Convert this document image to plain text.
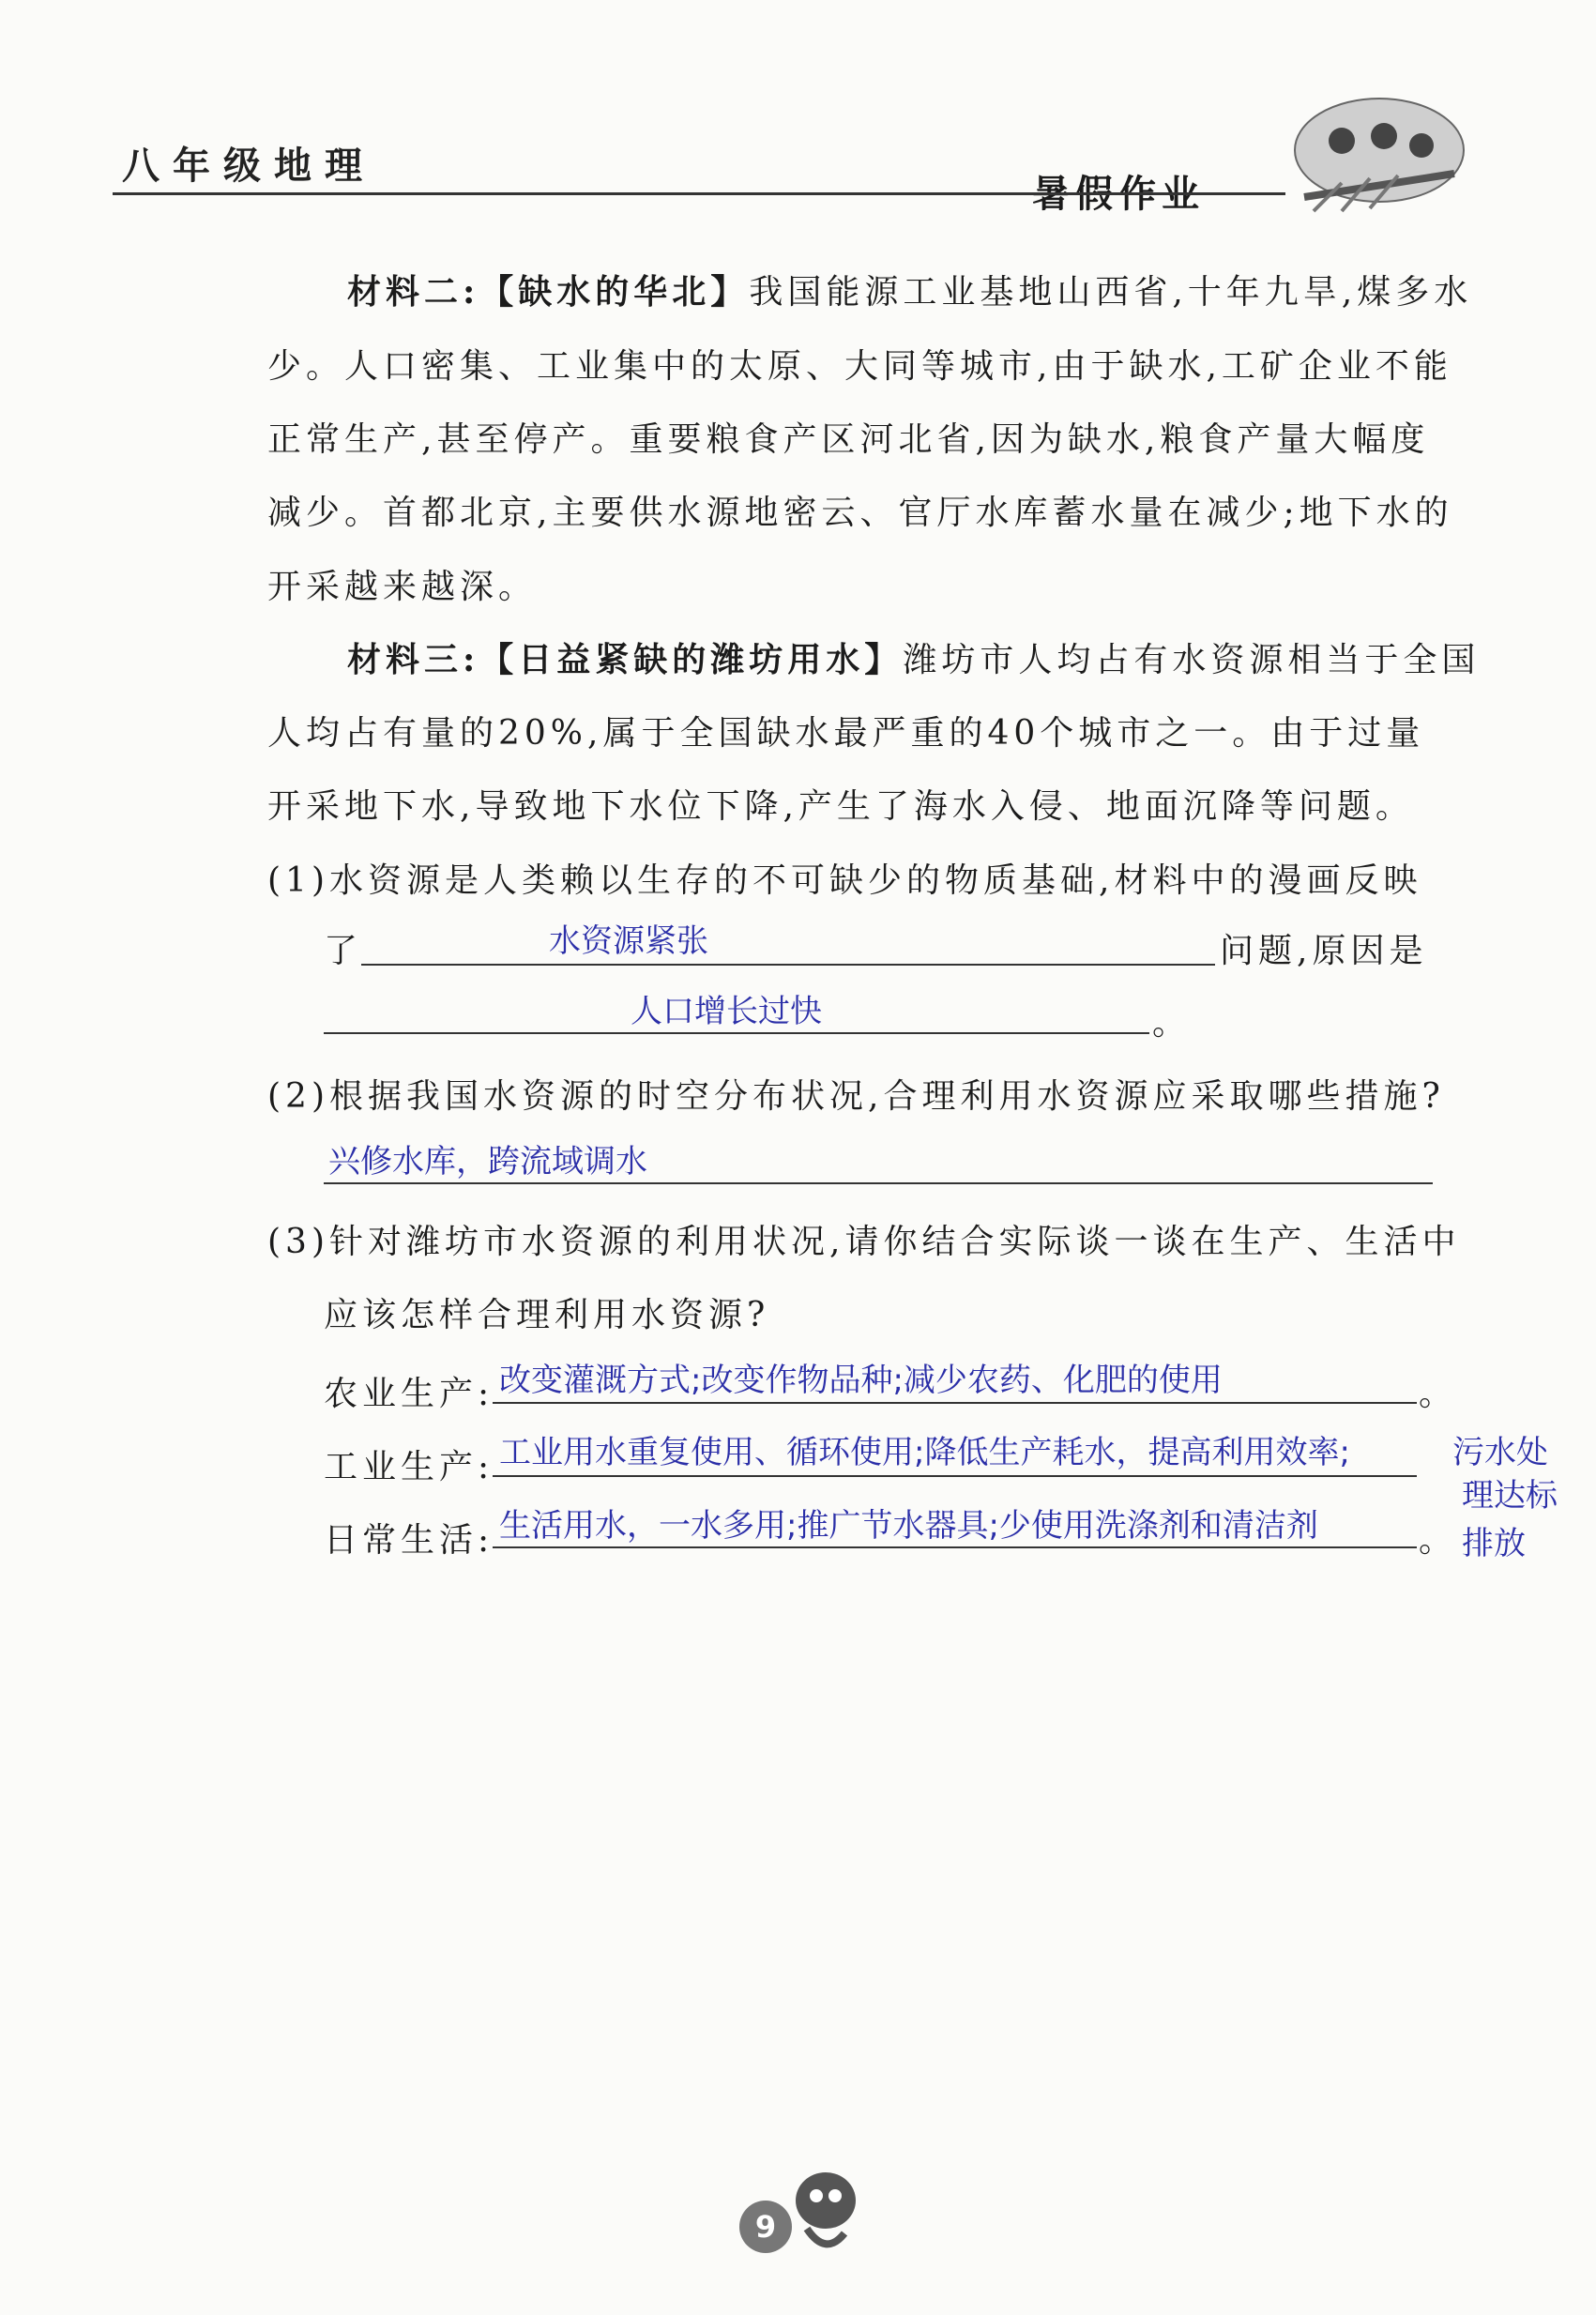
八年级地理
暑假作业
材料二:【缺水的华北】我国能源工业基地山西省,十年九旱,煤多水
少。人口密集、工业集中的太原、大同等城市,由于缺水,工矿企业不能
正常生产,甚至停产。重要粮食产区河北省,因为缺水,粮食产量大幅度
减少。首都北京,主要供水源地密云、官厅水库蓄水量在减少;地下水的
开采越来越深。
材料三:【日益紧缺的潍坊用水】潍坊市人均占有水资源相当于全国
人均占有量的20%,属于全国缺水最严重的40个城市之一。由于过量
开采地下水,导致地下水位下降,产生了海水入侵、地面沉降等问题。
(1)水资源是人类赖以生存的不可缺少的物质基础,材料中的漫画反映
了	水资源紧张	问题,原因是
人口增长过快	。
(2)根据我国水资源的时空分布状况,合理利用水资源应采取哪些措施?
兴修水库，跨流域调水
(3)针对潍坊市水资源的利用状况,请你结合实际谈一谈在生产、生活中
应该怎样合理利用水资源?
农业生产: 改变灌溉方式;改变作物品种;减少农药、化肥的使用	。
工业生产: 工业用水重复使用、循环使用;降低生产耗水，提高利用效率;	污水处
理达标
排放
日常生活: 生活用水，一水多用;推广节水器具;少使用洗涤剂和清洁剂	。
9
